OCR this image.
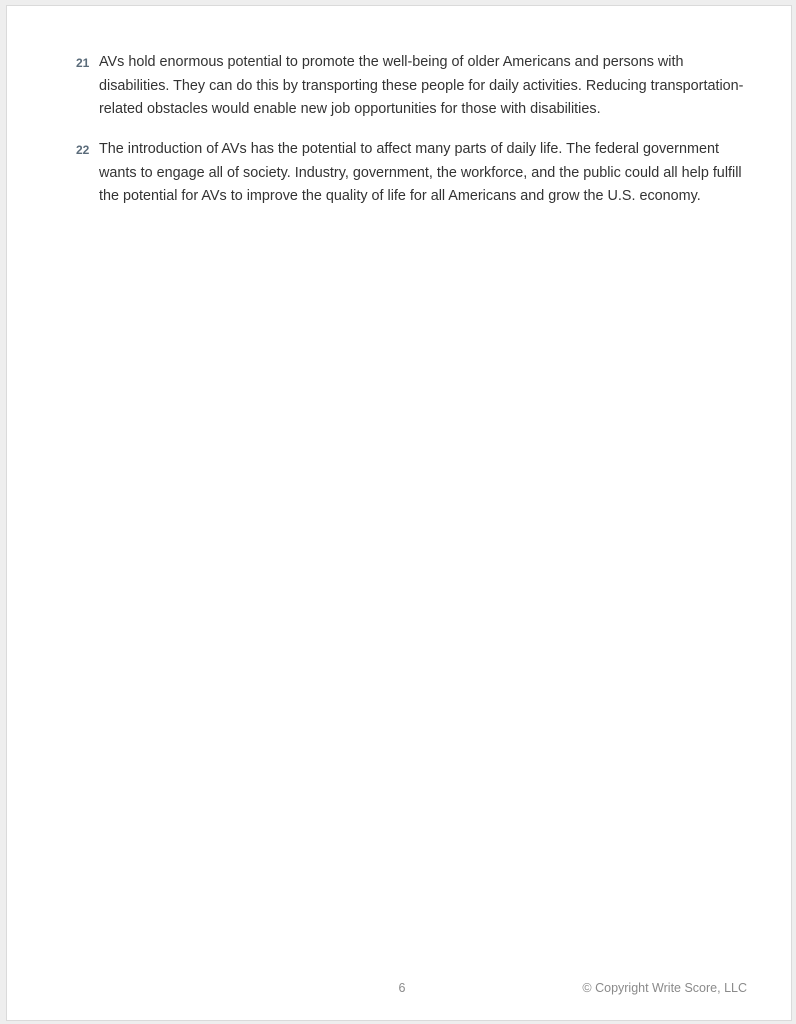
21 AVs hold enormous potential to promote the well-being of older Americans and persons with disabilities. They can do this by transporting these people for daily activities. Reducing transportation-related obstacles would enable new job opportunities for those with disabilities.

22 The introduction of AVs has the potential to affect many parts of daily life. The federal government wants to engage all of society. Industry, government, the workforce, and the public could all help fulfill the potential for AVs to improve the quality of life for all Americans and grow the U.S. economy.

6	© Copyright Write Score, LLC
